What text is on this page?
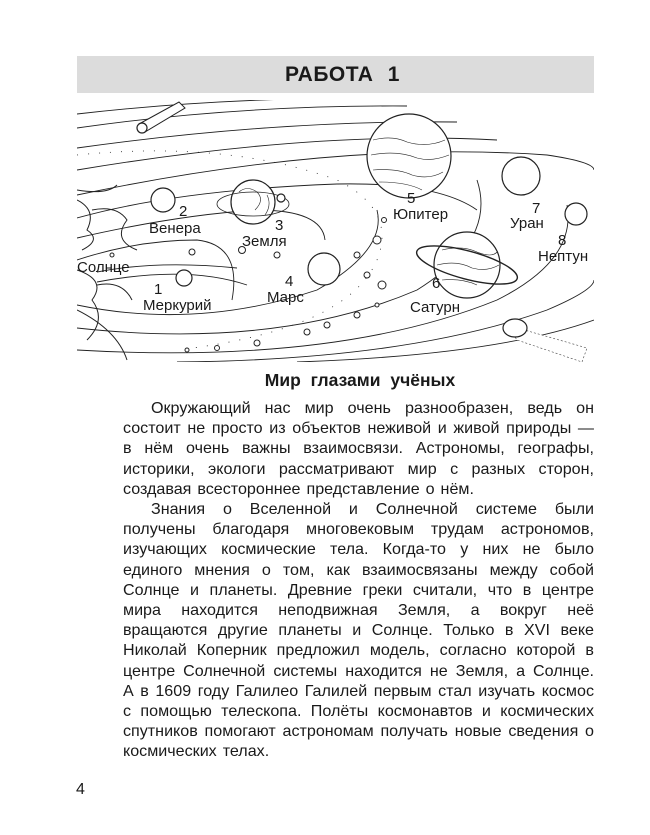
РАБОТА 1
Солнце
1
Меркурий
2
Венера	3
Земля
4
Марс
5
Юпитер
6
Сатурн
7
Уран
8
Нептун
Мир глазами учёных

Окружающий нас мир очень разнообразен, ведь он состоит не просто из объектов неживой и живой природы — в нём очень важны взаимосвязи. Астрономы, географы, историки, экологи рассматривают мир с разных сторон, создавая всестороннее представление о нём.

Знания о Вселенной и Солнечной системе были получены благодаря многовековым трудам астрономов, изучающих космические тела. Когда-то у них не было единого мнения о том, как взаимосвязаны между собой Солнце и планеты. Древние греки считали, что в центре мира находится неподвижная Земля, а вокруг неё вращаются другие планеты и Солнце. Только в XVI веке Николай Коперник предложил модель, согласно которой в центре Солнечной системы находится не Земля, а Солнце. А в 1609 году Галилео Галилей первым стал изучать космос с помощью телескопа. Полёты космонавтов и космических спутников помогают астрономам получать новые сведения о космических телах.

4
